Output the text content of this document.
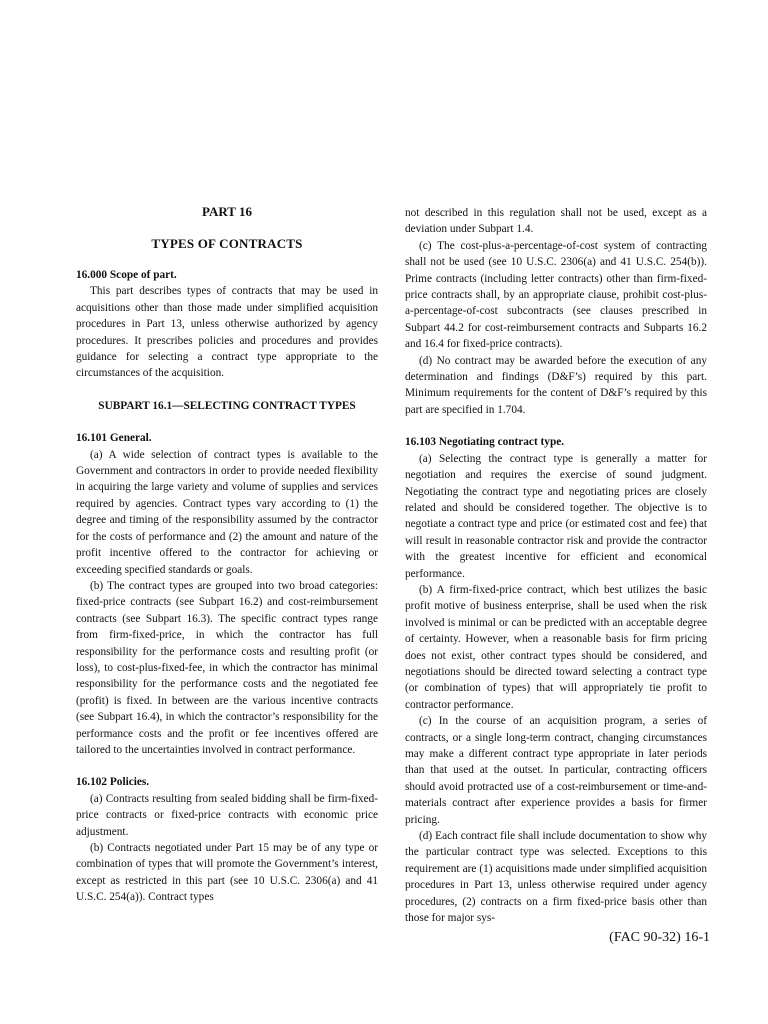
PART 16

TYPES OF CONTRACTS

16.000 Scope of part.

This part describes types of contracts that may be used in acquisitions other than those made under simplified acquisition procedures in Part 13, unless otherwise authorized by agency procedures. It prescribes policies and procedures and provides guidance for selecting a contract type appropriate to the circumstances of the acquisition.

SUBPART 16.1—SELECTING CONTRACT TYPES

16.101 General.

(a) A wide selection of contract types is available to the Government and contractors in order to provide needed flexibility in acquiring the large variety and volume of supplies and services required by agencies. Contract types vary according to (1) the degree and timing of the responsibility assumed by the contractor for the costs of performance and (2) the amount and nature of the profit incentive offered to the contractor for achieving or exceeding specified standards or goals.

(b) The contract types are grouped into two broad categories: fixed-price contracts (see Subpart 16.2) and cost-reimbursement contracts (see Subpart 16.3). The specific contract types range from firm-fixed-price, in which the contractor has full responsibility for the performance costs and resulting profit (or loss), to cost-plus-fixed-fee, in which the contractor has minimal responsibility for the performance costs and the negotiated fee (profit) is fixed. In between are the various incentive contracts (see Subpart 16.4), in which the contractor’s responsibility for the performance costs and the profit or fee incentives offered are tailored to the uncertainties involved in contract performance.

16.102 Policies.

(a) Contracts resulting from sealed bidding shall be firm-fixed-price contracts or fixed-price contracts with economic price adjustment.

(b) Contracts negotiated under Part 15 may be of any type or combination of types that will promote the Government’s interest, except as restricted in this part (see 10 U.S.C. 2306(a) and 41 U.S.C. 254(a)). Contract types

not described in this regulation shall not be used, except as a deviation under Subpart 1.4.

(c) The cost-plus-a-percentage-of-cost system of contracting shall not be used (see 10 U.S.C. 2306(a) and 41 U.S.C. 254(b)). Prime contracts (including letter contracts) other than firm-fixed-price contracts shall, by an appropriate clause, prohibit cost-plus-a-percentage-of-cost subcontracts (see clauses prescribed in Subpart 44.2 for cost-reimbursement contracts and Subparts 16.2 and 16.4 for fixed-price contracts).

(d) No contract may be awarded before the execution of any determination and findings (D&F’s) required by this part. Minimum requirements for the content of D&F’s required by this part are specified in 1.704.

16.103 Negotiating contract type.

(a) Selecting the contract type is generally a matter for negotiation and requires the exercise of sound judgment. Negotiating the contract type and negotiating prices are closely related and should be considered together. The objective is to negotiate a contract type and price (or estimated cost and fee) that will result in reasonable contractor risk and provide the contractor with the greatest incentive for efficient and economical performance.

(b) A firm-fixed-price contract, which best utilizes the basic profit motive of business enterprise, shall be used when the risk involved is minimal or can be predicted with an acceptable degree of certainty. However, when a reasonable basis for firm pricing does not exist, other contract types should be considered, and negotiations should be directed toward selecting a contract type (or combination of types) that will appropriately tie profit to contractor performance.

(c) In the course of an acquisition program, a series of contracts, or a single long-term contract, changing circumstances may make a different contract type appropriate in later periods than that used at the outset. In particular, contracting officers should avoid protracted use of a cost-reimbursement or time-and-materials contract after experience provides a basis for firmer pricing.

(d) Each contract file shall include documentation to show why the particular contract type was selected. Exceptions to this requirement are (1) acquisitions made under simplified acquisition procedures in Part 13, unless otherwise required under agency procedures, (2) contracts on a firm fixed-price basis other than those for major sys-

(FAC 90-32) 16-1
